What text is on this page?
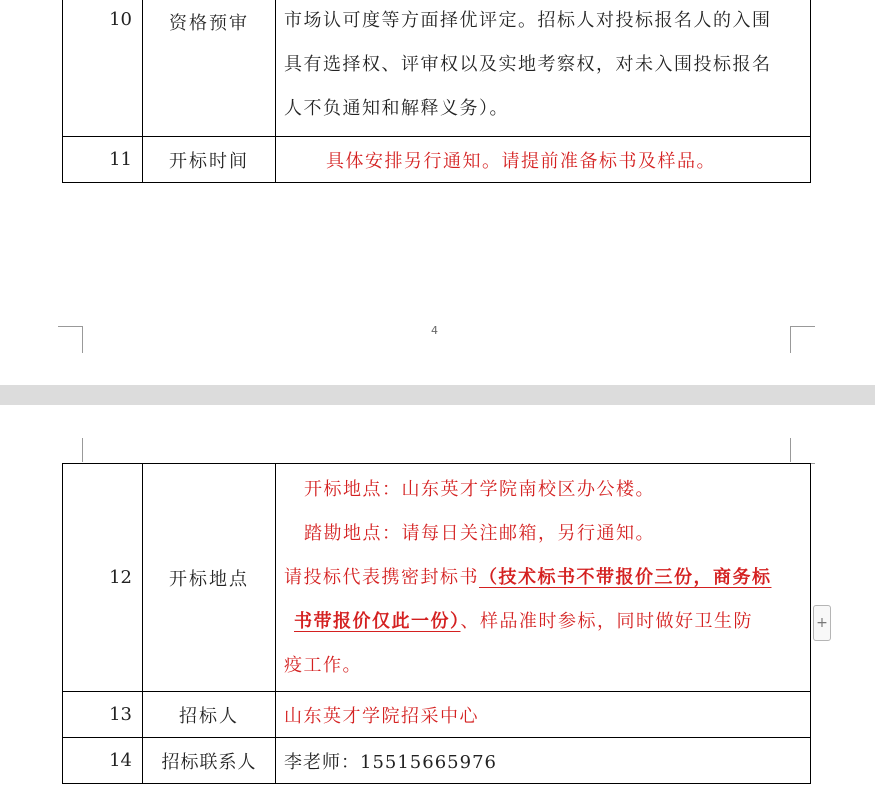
10	资格预审	市场认可度等方面择优评定。招标人对投标报名人的入围
具有选择权、评审权以及实地考察权，对未入围投标报名
人不负通知和解释义务）。

11	开标时间	具体安排另行通知。请提前准备标书及样品。
4
12	开标地点	开标地点：山东英才学院南校区办公楼。
踏勘地点：请每日关注邮箱，另行通知。
请投标代表携密封标书（技术标书不带报价三份，商务标
书带报价仅此一份）、样品准时参标，同时做好卫生防
疫工作。

13	招标人	山东英才学院招采中心
14	招标联系人	李老师：15515665976
+
